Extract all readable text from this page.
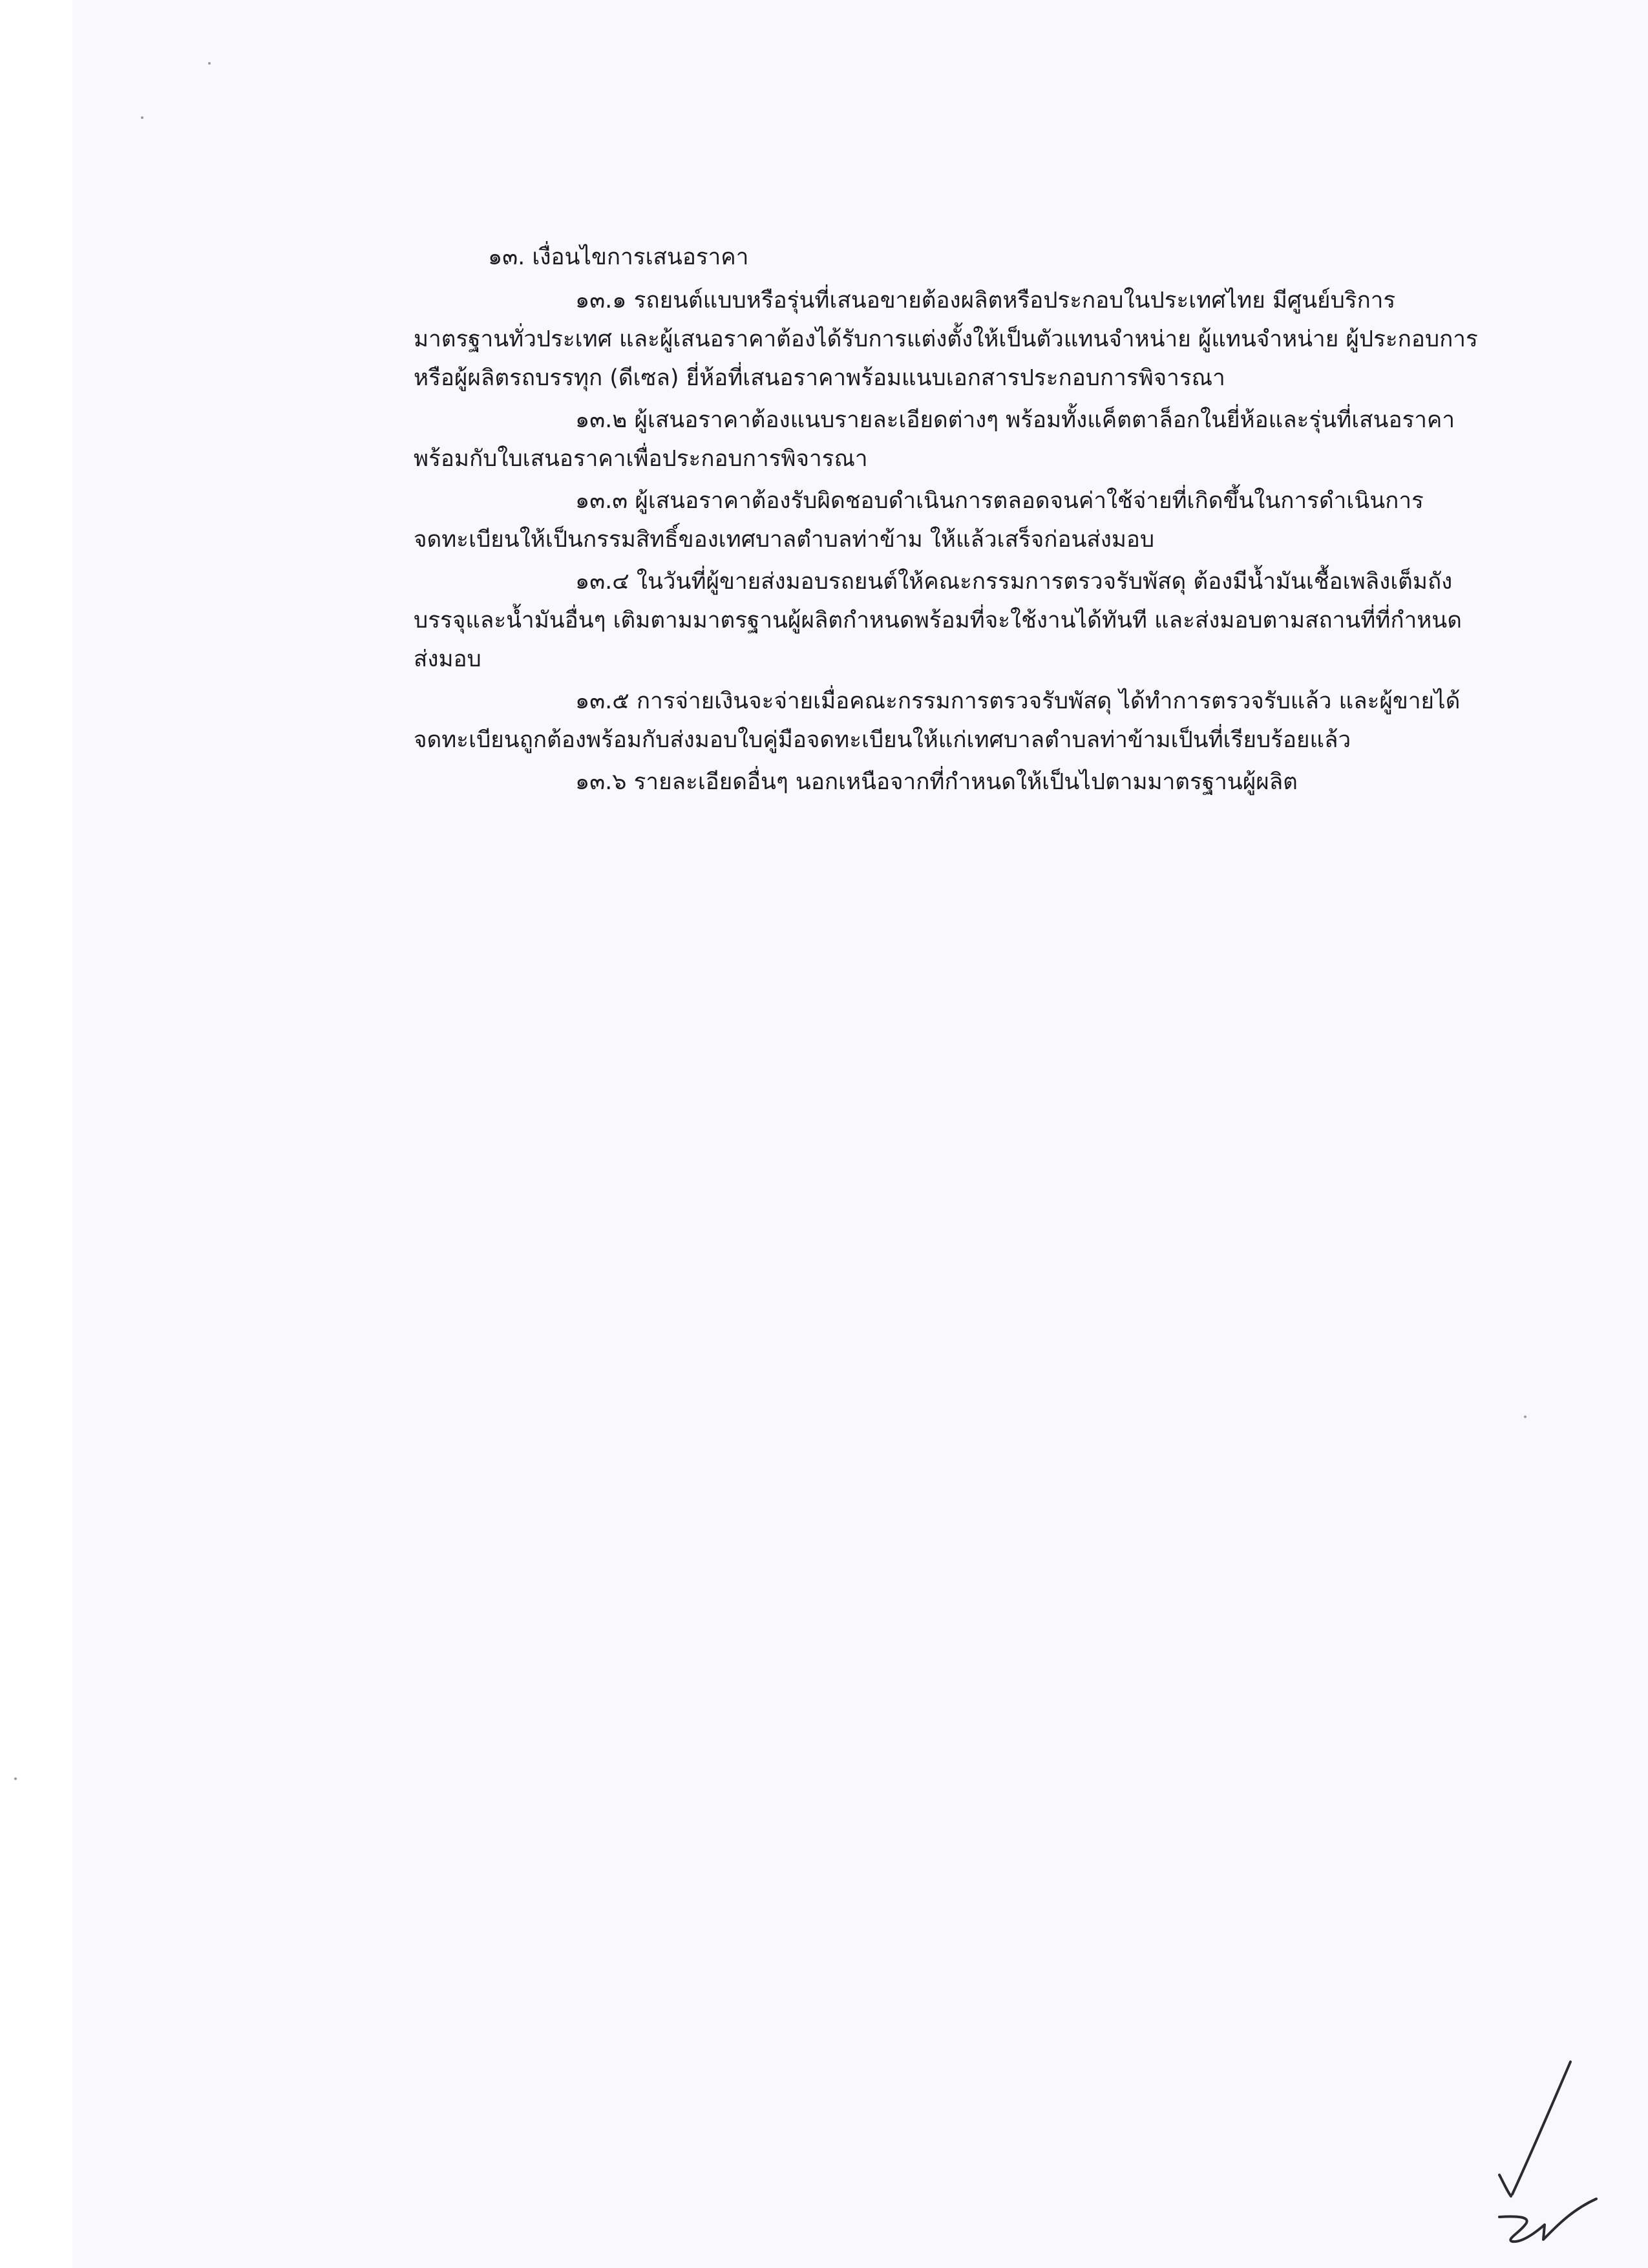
๑๓. เงื่อนไขการเสนอราคา
๑๓.๑ รถยนต์แบบหรือรุ่นที่เสนอขายต้องผลิตหรือประกอบในประเทศไทย มีศูนย์บริการ
มาตรฐานทั่วประเทศ และผู้เสนอราคาต้องได้รับการแต่งตั้งให้เป็นตัวแทนจำหน่าย ผู้แทนจำหน่าย ผู้ประกอบการ
หรือผู้ผลิตรถบรรทุก (ดีเซล) ยี่ห้อที่เสนอราคาพร้อมแนบเอกสารประกอบการพิจารณา
๑๓.๒ ผู้เสนอราคาต้องแนบรายละเอียดต่างๆ พร้อมทั้งแค็ตตาล็อกในยี่ห้อและรุ่นที่เสนอราคา
พร้อมกับใบเสนอราคาเพื่อประกอบการพิจารณา
๑๓.๓ ผู้เสนอราคาต้องรับผิดชอบดำเนินการตลอดจนค่าใช้จ่ายที่เกิดขึ้นในการดำเนินการ
จดทะเบียนให้เป็นกรรมสิทธิ์ของเทศบาลตำบลท่าข้าม ให้แล้วเสร็จก่อนส่งมอบ
๑๓.๔ ในวันที่ผู้ขายส่งมอบรถยนต์ให้คณะกรรมการตรวจรับพัสดุ ต้องมีน้ำมันเชื้อเพลิงเต็มถัง
บรรจุและน้ำมันอื่นๆ เติมตามมาตรฐานผู้ผลิตกำหนดพร้อมที่จะใช้งานได้ทันที และส่งมอบตามสถานที่ที่กำหนด
ส่งมอบ
๑๓.๕ การจ่ายเงินจะจ่ายเมื่อคณะกรรมการตรวจรับพัสดุ ได้ทำการตรวจรับแล้ว และผู้ขายได้
จดทะเบียนถูกต้องพร้อมกับส่งมอบใบคู่มือจดทะเบียนให้แก่เทศบาลตำบลท่าข้ามเป็นที่เรียบร้อยแล้ว
๑๓.๖ รายละเอียดอื่นๆ นอกเหนือจากที่กำหนดให้เป็นไปตามมาตรฐานผู้ผลิต
